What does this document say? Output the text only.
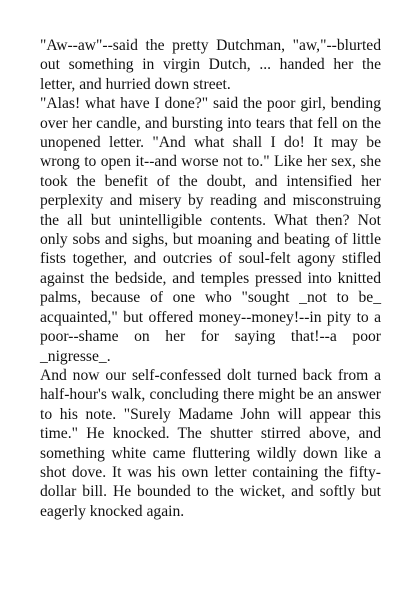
"Aw--aw"--said the pretty Dutchman, "aw,"--blurted out something in virgin Dutch, ... handed her the letter, and hurried down street.

"Alas! what have I done?" said the poor girl, bending over her candle, and bursting into tears that fell on the unopened letter. "And what shall I do! It may be wrong to open it--and worse not to." Like her sex, she took the benefit of the doubt, and intensified her perplexity and misery by reading and misconstruing the all but unintelligible contents. What then? Not only sobs and sighs, but moaning and beating of little fists together, and outcries of soul-felt agony stifled against the bedside, and temples pressed into knitted palms, because of one who "sought _not to be_ acquainted," but offered money--money!--in pity to a poor--shame on her for saying that!--a poor _nigresse_.

And now our self-confessed dolt turned back from a half-hour's walk, concluding there might be an answer to his note. "Surely Madame John will appear this time." He knocked. The shutter stirred above, and something white came fluttering wildly down like a shot dove. It was his own letter containing the fifty-dollar bill. He bounded to the wicket, and softly but eagerly knocked again.
